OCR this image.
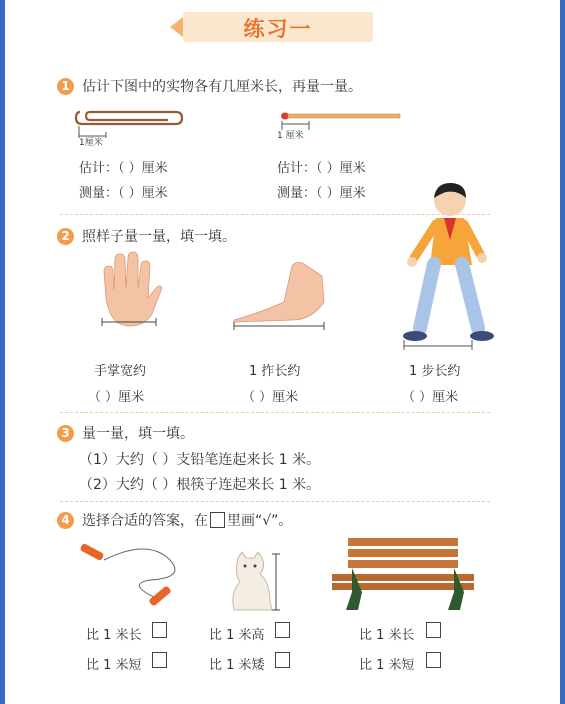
练习一
1 估计下图中的实物各有几厘米长，再量一量。
1厘米
1 厘米
估计：（ ）厘米
测量：（ ）厘米
估计：（ ）厘米
测量：（ ）厘米
2 照样子量一量，填一填。
手掌宽约	1 拃长约	1 步长约
（ ）厘米	（ ）厘米	（ ）厘米
3 量一量，填一填。
（1）大约（ ）支铅笔连起来长 1 米。
（2）大约（ ）根筷子连起来长 1 米。
4 选择合适的答案，在 里画“√”。
比 1 米长
比 1 米短
比 1 米高
比 1 米矮
比 1 米长
比 1 米短
